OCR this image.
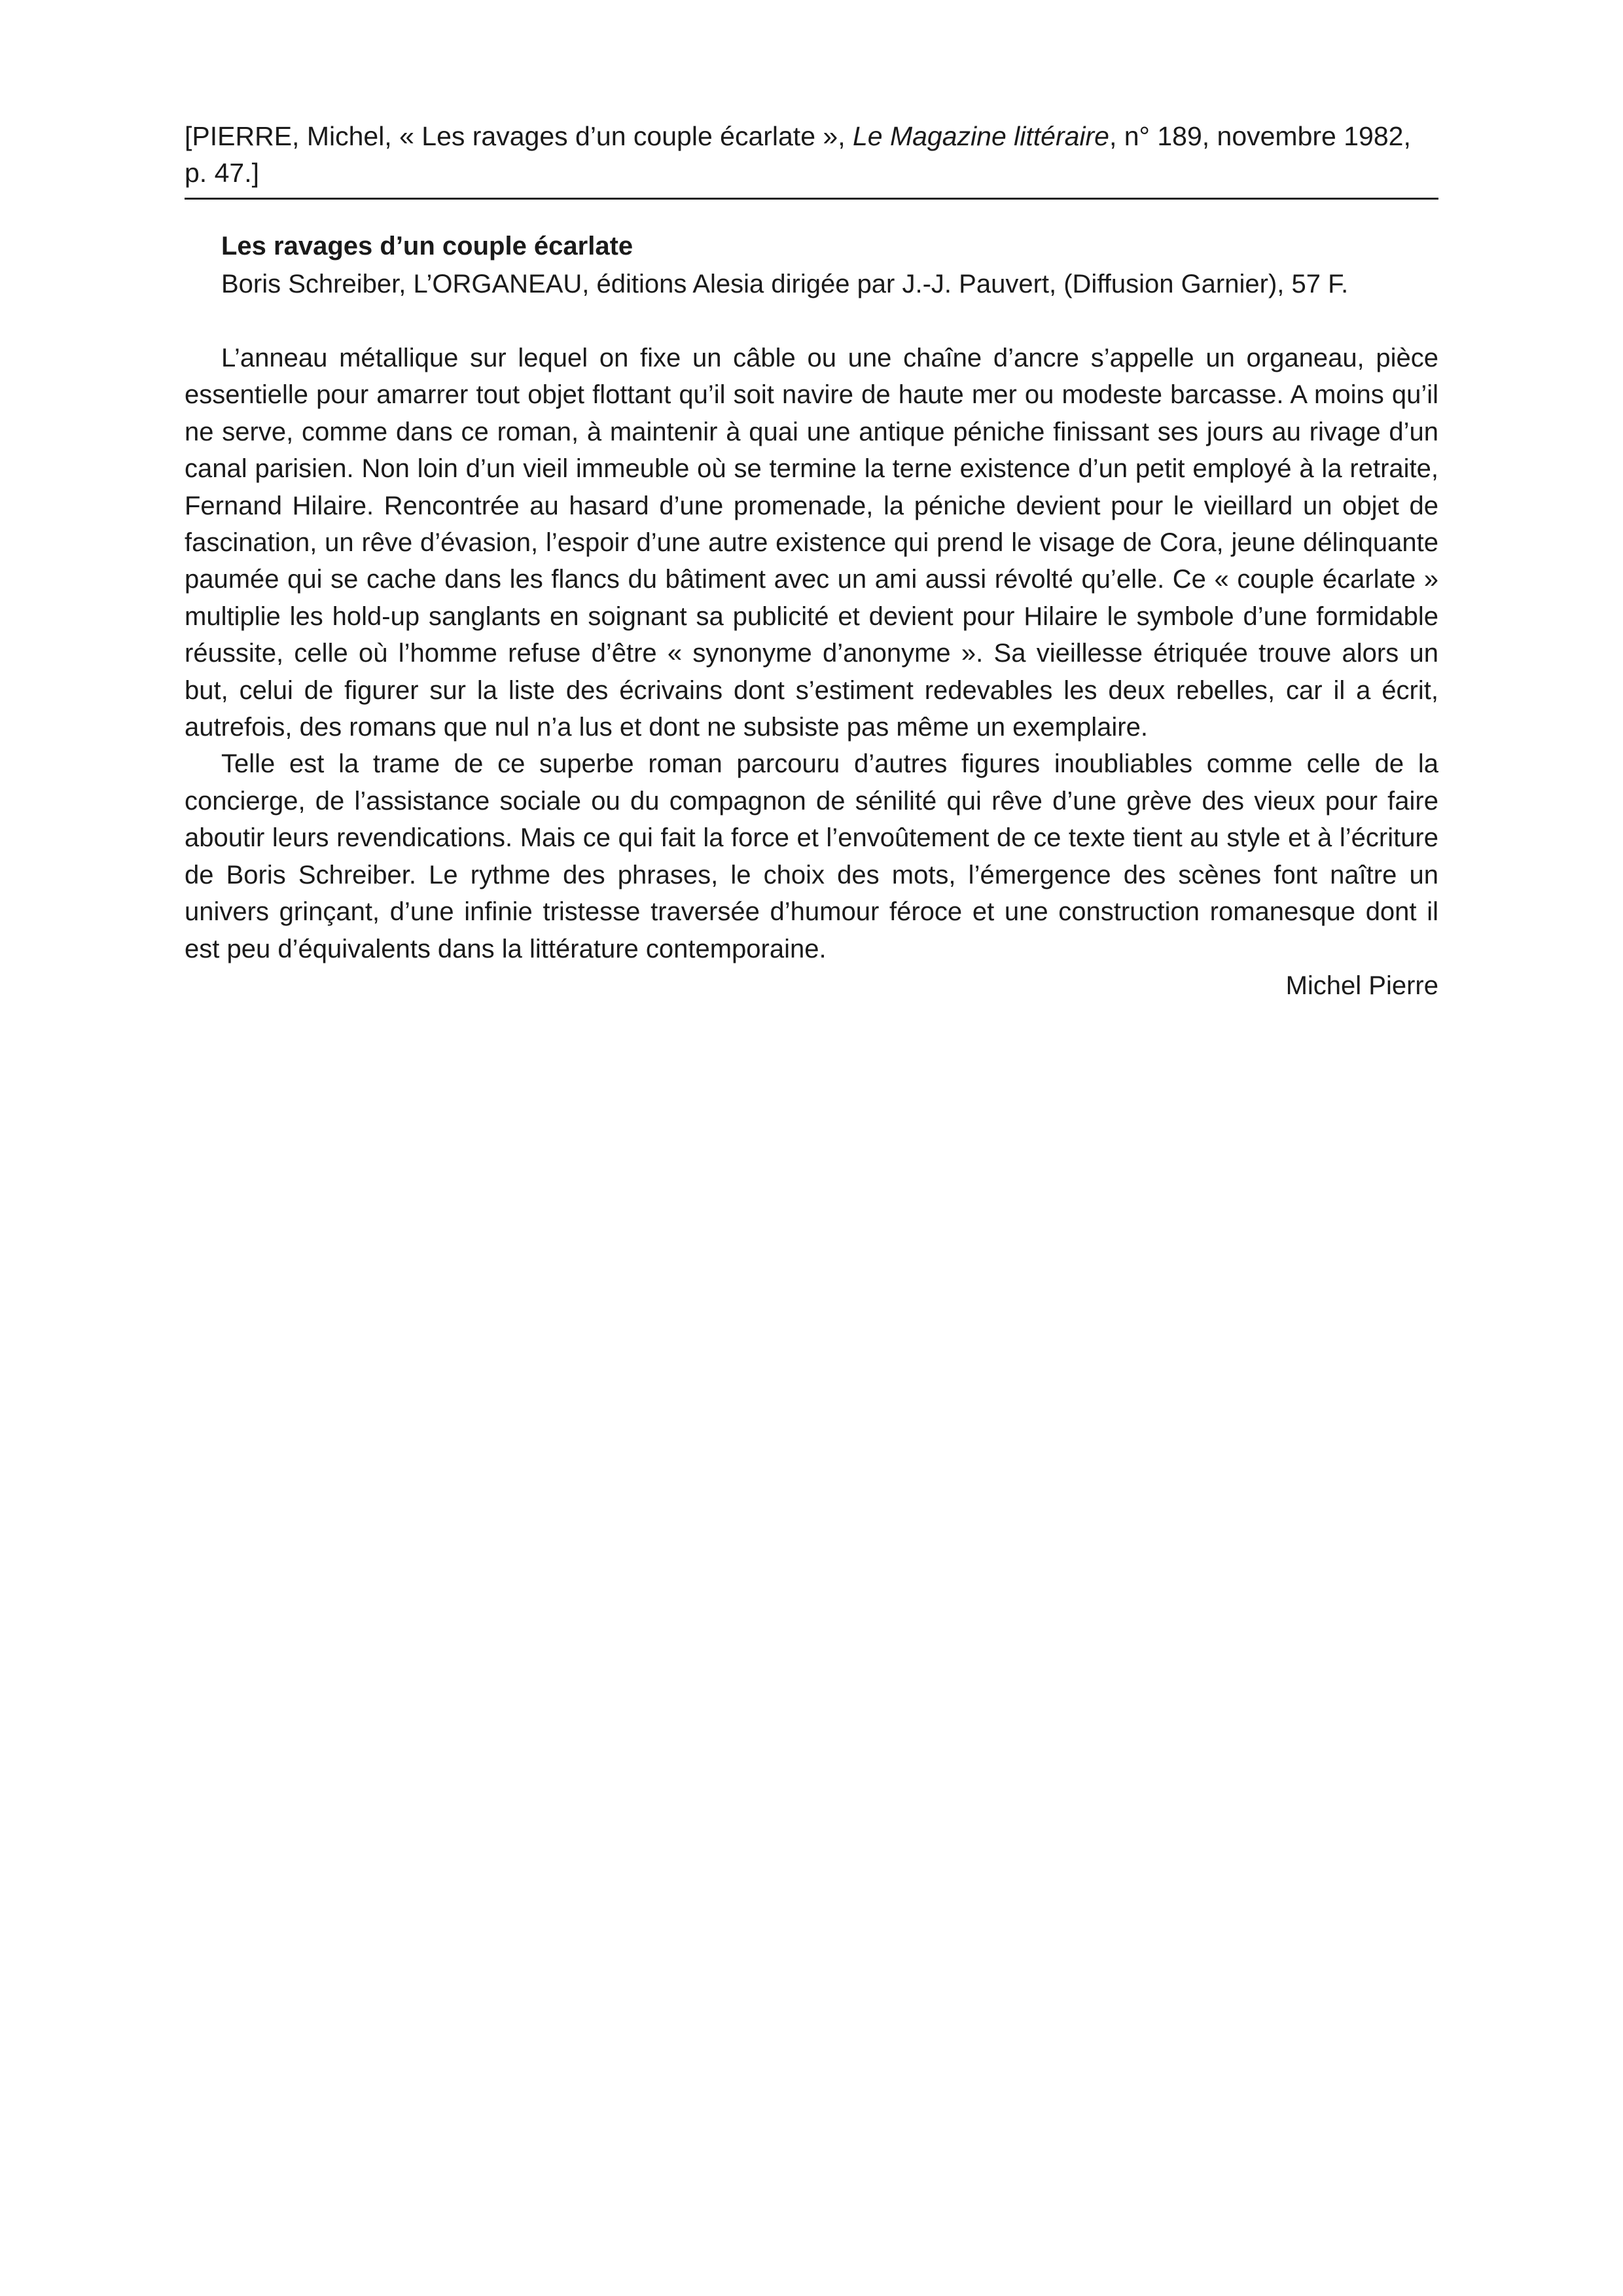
[PIERRE, Michel, « Les ravages d’un couple écarlate », Le Magazine littéraire, n° 189, novembre 1982, p. 47.]

Les ravages d’un couple écarlate

Boris Schreiber, L’ORGANEAU, éditions Alesia dirigée par J.-J. Pauvert, (Diffusion Garnier), 57 F.

L’anneau métallique sur lequel on fixe un câble ou une chaîne d’ancre s’appelle un organeau, pièce essentielle pour amarrer tout objet flottant qu’il soit navire de haute mer ou modeste barcasse. A moins qu’il ne serve, comme dans ce roman, à maintenir à quai une antique péniche finissant ses jours au rivage d’un canal parisien. Non loin d’un vieil immeuble où se termine la terne existence d’un petit employé à la retraite, Fernand Hilaire. Rencontrée au hasard d’une promenade, la péniche devient pour le vieillard un objet de fascination, un rêve d’évasion, l’espoir d’une autre existence qui prend le visage de Cora, jeune délinquante paumée qui se cache dans les flancs du bâtiment avec un ami aussi révolté qu’elle. Ce « couple écarlate » multiplie les hold-up sanglants en soignant sa publicité et devient pour Hilaire le symbole d’une formidable réussite, celle où l’homme refuse d’être « synonyme d’anonyme ». Sa vieillesse étriquée trouve alors un but, celui de figurer sur la liste des écrivains dont s’estiment redevables les deux rebelles, car il a écrit, autrefois, des romans que nul n’a lus et dont ne subsiste pas même un exemplaire.

Telle est la trame de ce superbe roman parcouru d’autres figures inoubliables comme celle de la concierge, de l’assistance sociale ou du compagnon de sénilité qui rêve d’une grève des vieux pour faire aboutir leurs revendications. Mais ce qui fait la force et l’envoûtement de ce texte tient au style et à l’écriture de Boris Schreiber. Le rythme des phrases, le choix des mots, l’émergence des scènes font naître un univers grinçant, d’une infinie tristesse traversée d’humour féroce et une construction romanesque dont il est peu d’équivalents dans la littérature contemporaine.

Michel Pierre
